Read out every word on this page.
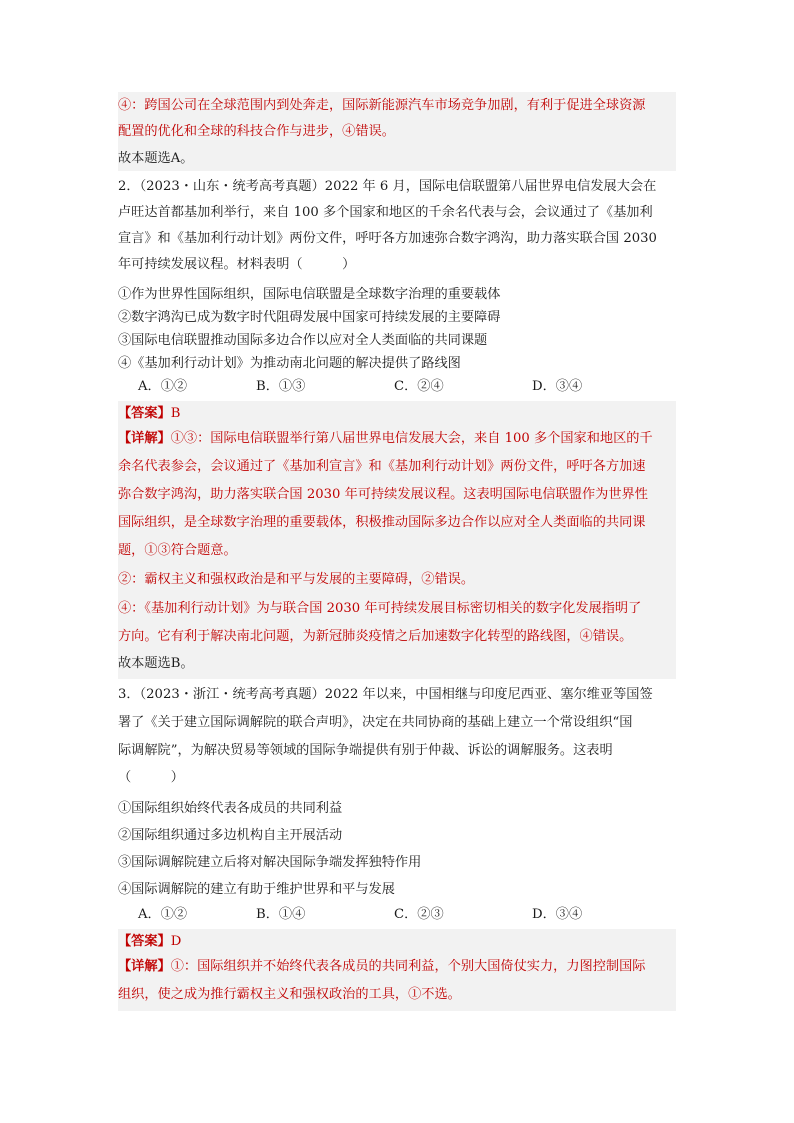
④：跨国公司在全球范围内到处奔走，国际新能源汽车市场竞争加剧，有利于促进全球资源
配置的优化和全球的科技合作与进步，④错误。
故本题选A。
2．（2023・山东・统考高考真题）2022 年 6 月，国际电信联盟第八届世界电信发展大会在
卢旺达首都基加利举行，来自 100 多个国家和地区的千余名代表与会，会议通过了《基加利
宣言》和《基加利行动计划》两份文件，呼吁各方加速弥合数字鸿沟，助力落实联合国 2030
年可持续发展议程。材料表明（　　　）
①作为世界性国际组织，国际电信联盟是全球数字治理的重要载体
②数字鸿沟已成为数字时代阻碍发展中国家可持续发展的主要障碍
③国际电信联盟推动国际多边合作以应对全人类面临的共同课题
④《基加利行动计划》为推动南北问题的解决提供了路线图
A．①②	B．①③	C．②④	D．③④
【答案】B
【详解】①③：国际电信联盟举行第八届世界电信发展大会，来自 100 多个国家和地区的千
余名代表参会，会议通过了《基加利宣言》和《基加利行动计划》两份文件，呼吁各方加速
弥合数字鸿沟，助力落实联合国 2030 年可持续发展议程。这表明国际电信联盟作为世界性
国际组织，是全球数字治理的重要载体，积极推动国际多边合作以应对全人类面临的共同课
题，①③符合题意。
②：霸权主义和强权政治是和平与发展的主要障碍，②错误。
④：《基加利行动计划》为与联合国 2030 年可持续发展目标密切相关的数字化发展指明了
方向。它有利于解决南北问题，为新冠肺炎疫情之后加速数字化转型的路线图，④错误。
故本题选B。
3．（2023・浙江・统考高考真题）2022 年以来，中国相继与印度尼西亚、塞尔维亚等国签
署了《关于建立国际调解院的联合声明》，决定在共同协商的基础上建立一个常设组织“国
际调解院”，为解决贸易等领域的国际争端提供有别于仲裁、诉讼的调解服务。这表明
（　　　）
①国际组织始终代表各成员的共同利益
②国际组织通过多边机构自主开展活动
③国际调解院建立后将对解决国际争端发挥独特作用
④国际调解院的建立有助于维护世界和平与发展
A．①②	B．①④	C．②③	D．③④
【答案】D
【详解】①：国际组织并不始终代表各成员的共同利益，个别大国倚仗实力，力图控制国际
组织，使之成为推行霸权主义和强权政治的工具，①不选。
